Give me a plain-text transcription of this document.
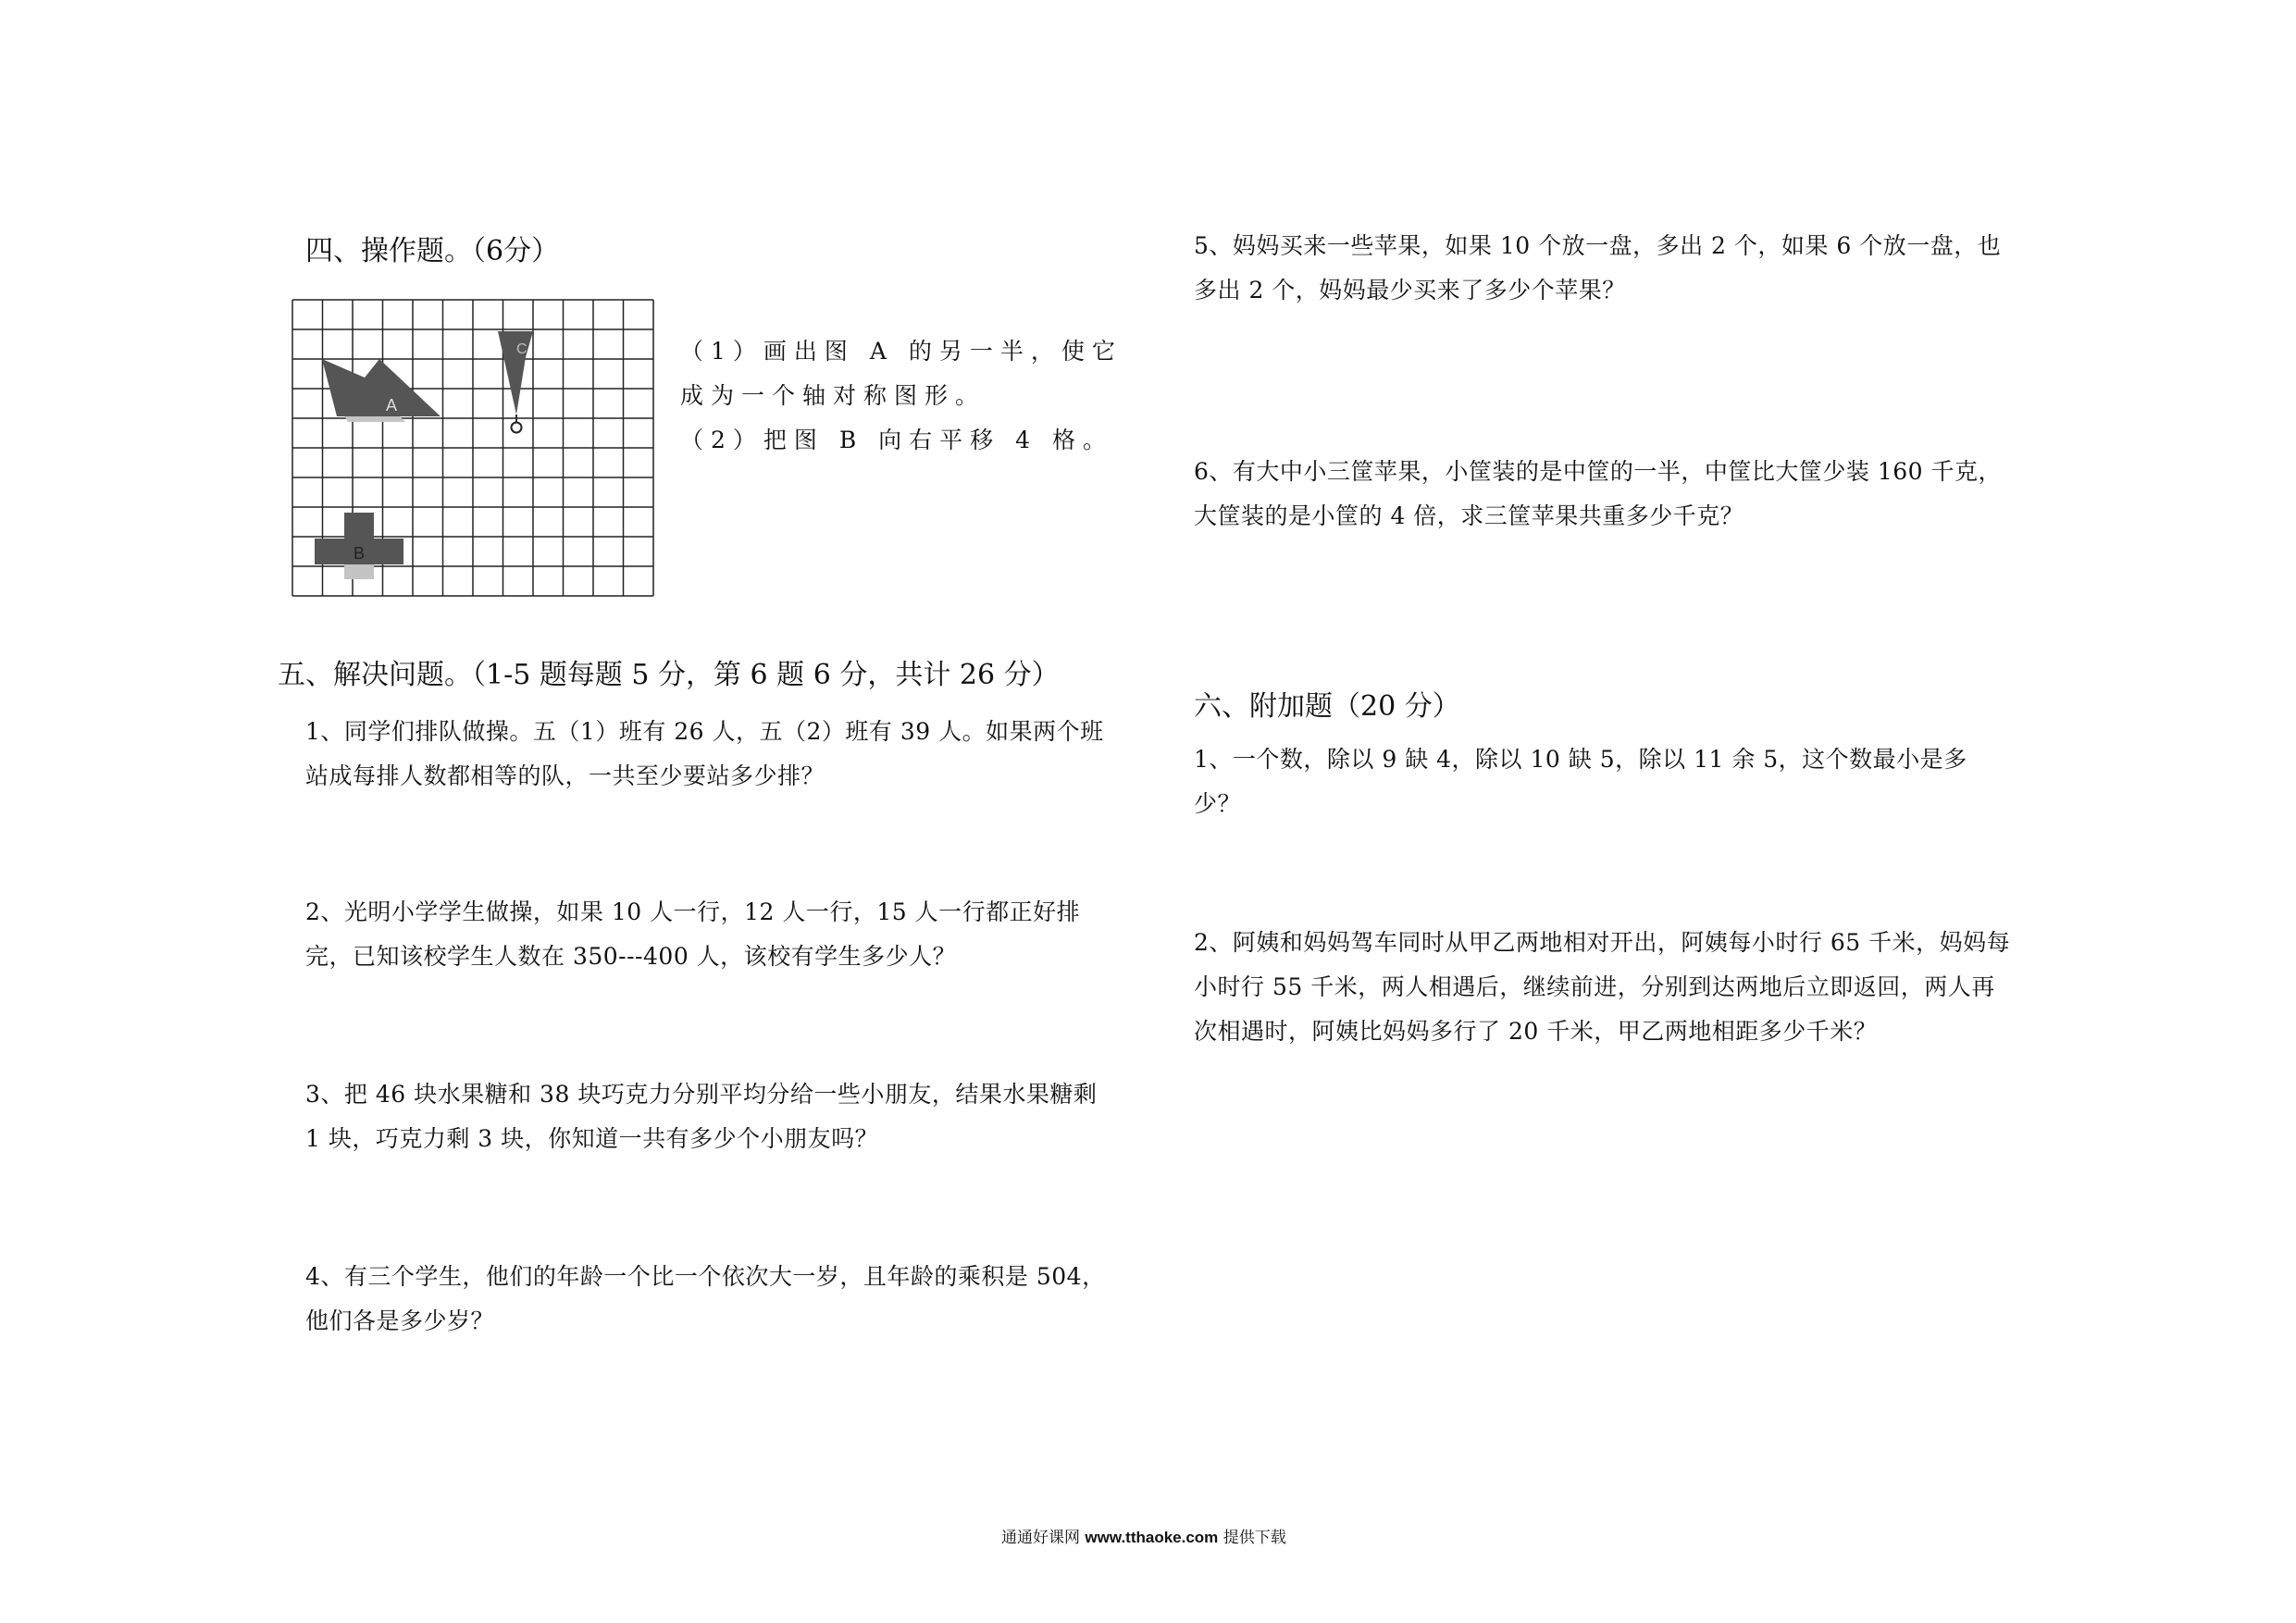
四、操作题。（6分）
A
C
B
（1）画出图 A 的另一半，使它成为一个轴对称图形。
（2）把图 B 向右平移 4 格。
五、解决问题。（1-5 题每题 5 分，第 6 题 6 分，共计 26 分）
1、同学们排队做操。五（1）班有 26 人，五（2）班有 39 人。如果两个班站成每排人数都相等的队，一共至少要站多少排？
2、光明小学学生做操，如果 10 人一行，12 人一行，15 人一行都正好排完，已知该校学生人数在 350---400 人，该校有学生多少人？
3、把 46 块水果糖和 38 块巧克力分别平均分给一些小朋友，结果水果糖剩 1 块，巧克力剩 3 块，你知道一共有多少个小朋友吗？
4、有三个学生，他们的年龄一个比一个依次大一岁，且年龄的乘积是 504，他们各是多少岁？
5、妈妈买来一些苹果，如果 10 个放一盘，多出 2 个，如果 6 个放一盘，也多出 2 个，妈妈最少买来了多少个苹果？
6、有大中小三筐苹果，小筐装的是中筐的一半，中筐比大筐少装 160 千克，大筐装的是小筐的 4 倍，求三筐苹果共重多少千克？
六、附加题（20 分）
1、一个数，除以 9 缺 4，除以 10 缺 5，除以 11 余 5，这个数最小是多少？
2、阿姨和妈妈驾车同时从甲乙两地相对开出，阿姨每小时行 65 千米，妈妈每小时行 55 千米，两人相遇后，继续前进，分别到达两地后立即返回，两人再次相遇时，阿姨比妈妈多行了 20 千米，甲乙两地相距多少千米？
通通好课网 www.tthaoke.com 提供下载
